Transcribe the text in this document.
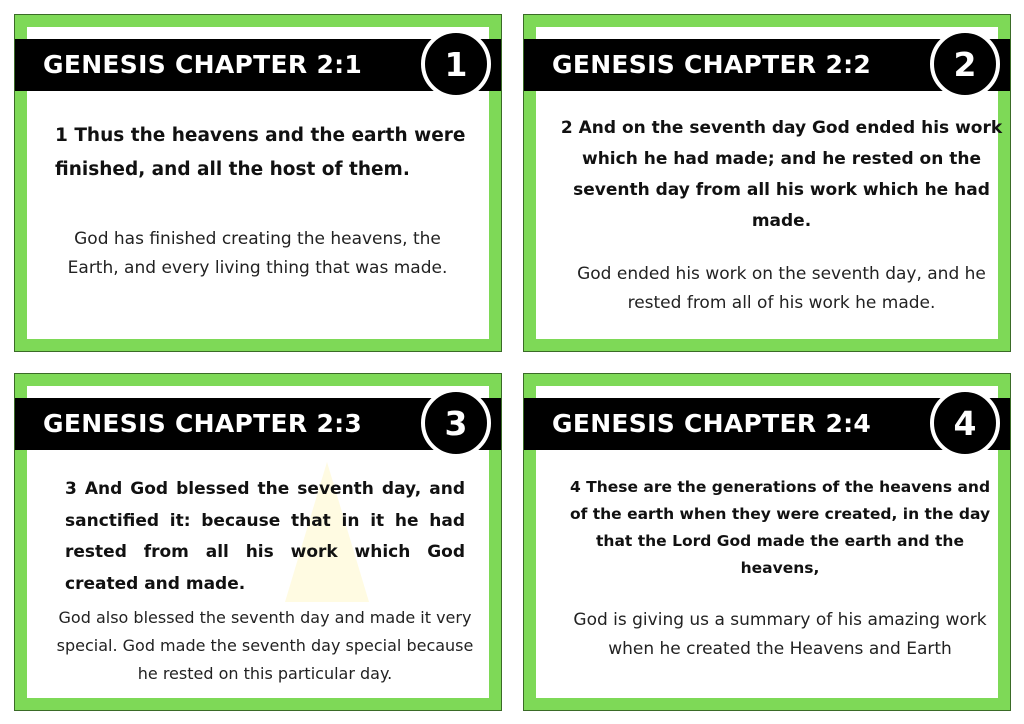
1 Thus the heavens and the earth were finished, and all the host of them.
God has finished creating the heavens, the Earth, and every living thing that was made.
GENESIS CHAPTER 2:1	1
2 And on the seventh day God ended his work which he had made; and he rested on the seventh day from all his work which he had made.
God ended his work on the seventh day, and he rested from all of his work he made.
GENESIS CHAPTER 2:2	2
3 And God blessed the seventh day, and sanctified it: because that in it he had rested from all his work which God created and made.
God also blessed the seventh day and made it very special. God made the seventh day special because he rested on this particular day.
GENESIS CHAPTER 2:3	3
4 These are the generations of the heavens and of the earth when they were created, in the day that the Lord God made the earth and the heavens,
God is giving us a summary of his amazing work when he created the Heavens and Earth
GENESIS CHAPTER 2:4	4
